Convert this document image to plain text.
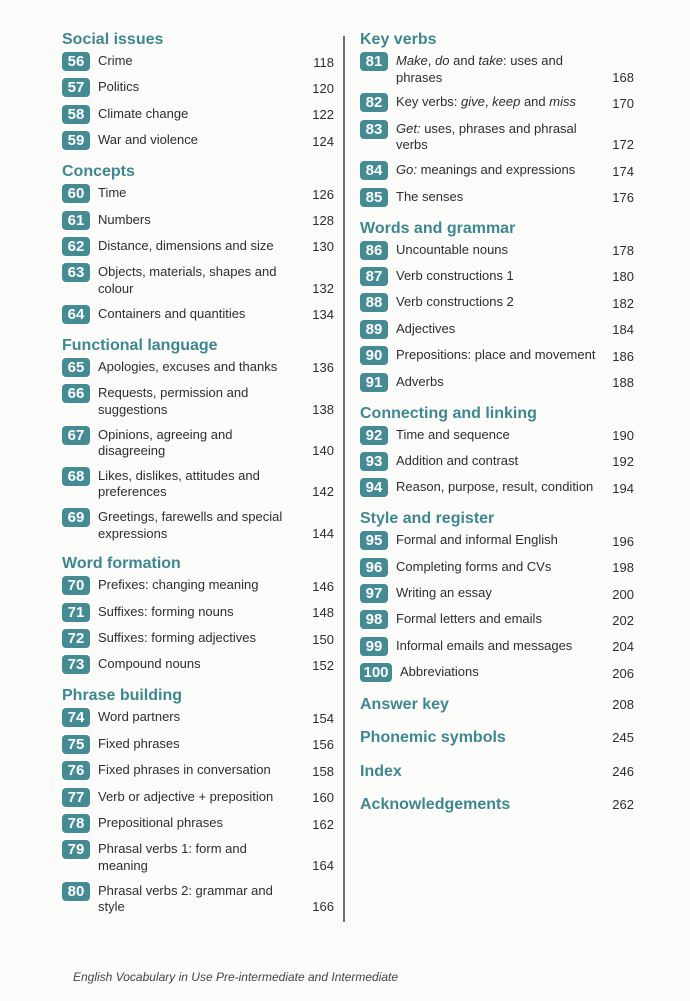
Social issues
56	Crime	118
57	Politics	120
58	Climate change	122
59	War and violence	124
Concepts
60	Time	126
61	Numbers	128
62	Distance, dimensions and size	130
63	Objects, materials, shapes and colour	132
64	Containers and quantities	134
Functional language
65	Apologies, excuses and thanks	136
66	Requests, permission and suggestions	138
67	Opinions, agreeing and disagreeing	140
68	Likes, dislikes, attitudes and preferences	142
69	Greetings, farewells and special expressions	144
Word formation
70	Prefixes: changing meaning	146
71	Suffixes: forming nouns	148
72	Suffixes: forming adjectives	150
73	Compound nouns	152
Phrase building
74	Word partners	154
75	Fixed phrases	156
76	Fixed phrases in conversation	158
77	Verb or adjective + preposition	160
78	Prepositional phrases	162
79	Phrasal verbs 1: form and meaning	164
80	Phrasal verbs 2: grammar and style	166
Key verbs
81	Make, do and take: uses and phrases	168
82	Key verbs: give, keep and miss	170
83	Get: uses, phrases and phrasal verbs	172
84	Go: meanings and expressions	174
85	The senses	176
Words and grammar
86	Uncountable nouns	178
87	Verb constructions 1	180
88	Verb constructions 2	182
89	Adjectives	184
90	Prepositions: place and movement	186
91	Adverbs	188
Connecting and linking
92	Time and sequence	190
93	Addition and contrast	192
94	Reason, purpose, result, condition	194
Style and register
95	Formal and informal English	196
96	Completing forms and CVs	198
97	Writing an essay	200
98	Formal letters and emails	202
99	Informal emails and messages	204
100 Abbreviations	206
Answer key	208
Phonemic symbols	245
Index	246
Acknowledgements	262
English Vocabulary in Use Pre-intermediate and Intermediate
